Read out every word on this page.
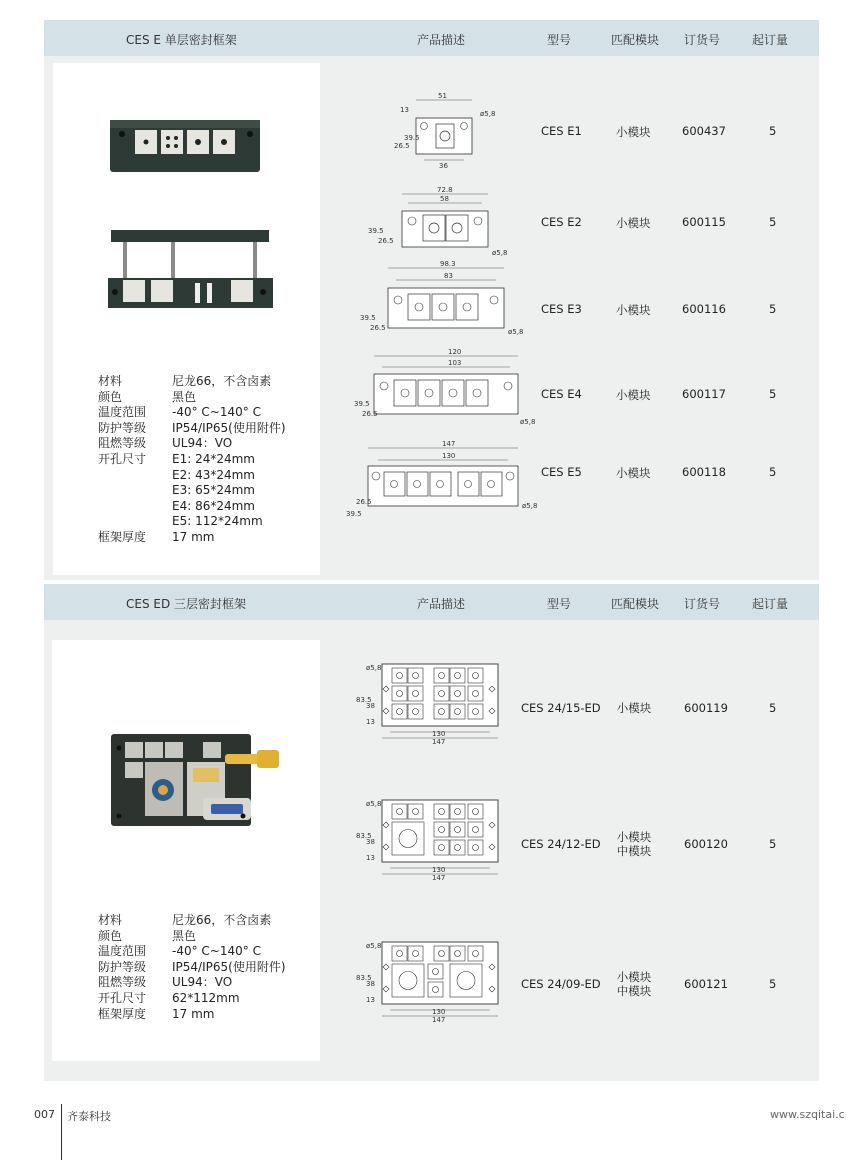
CES E 单层密封框架	产品描述	型号	匹配模块 订货号	起订量
材料	尼龙66，不含卤素
颜色	黑色
温度范围 -40° C~140° C
防护等级 IP54/IP65(使用附件)
阻燃等级 UL94：VO
开孔尺寸 E1: 24*24mm
E2: 43*24mm
E3: 65*24mm
E4: 86*24mm
E5: 112*24mm
框架厚度 17 mm
51
ø5,8
13
26.5
39.5
36
72.8
58
ø5,8
39.5
26.5
98.3
83
ø5,8
39.5
26.5
120
103
ø5,8
39.5
26.5
147
130
ø5,8
39.5
26.5
CES E1	小模块	600437	5
CES E2	小模块	600115	5
CES E3	小模块	600116	5
CES E4	小模块	600117	5
CES E5	小模块	600118	5
CES ED 三层密封框架	产品描述	型号	匹配模块 订货号	起订量
材料	尼龙66，不含卤素
颜色	黑色
温度范围 -40° C~140° C
防护等级 IP54/IP65(使用附件)
阻燃等级 UL94：VO
开孔尺寸 62*112mm
框架厚度 17 mm
ø5,8
83.5
38
13
130
147
ø5,8
83.5
38
13
130
147
ø5,8
83.5
38
13
130
147
CES 24/15-ED	小模块	600119	5
CES 24/12-ED	小模块
中模块	600120	5
CES 24/09-ED	小模块
中模块	600121	5
007 齐泰科技	www.szqitai.c
